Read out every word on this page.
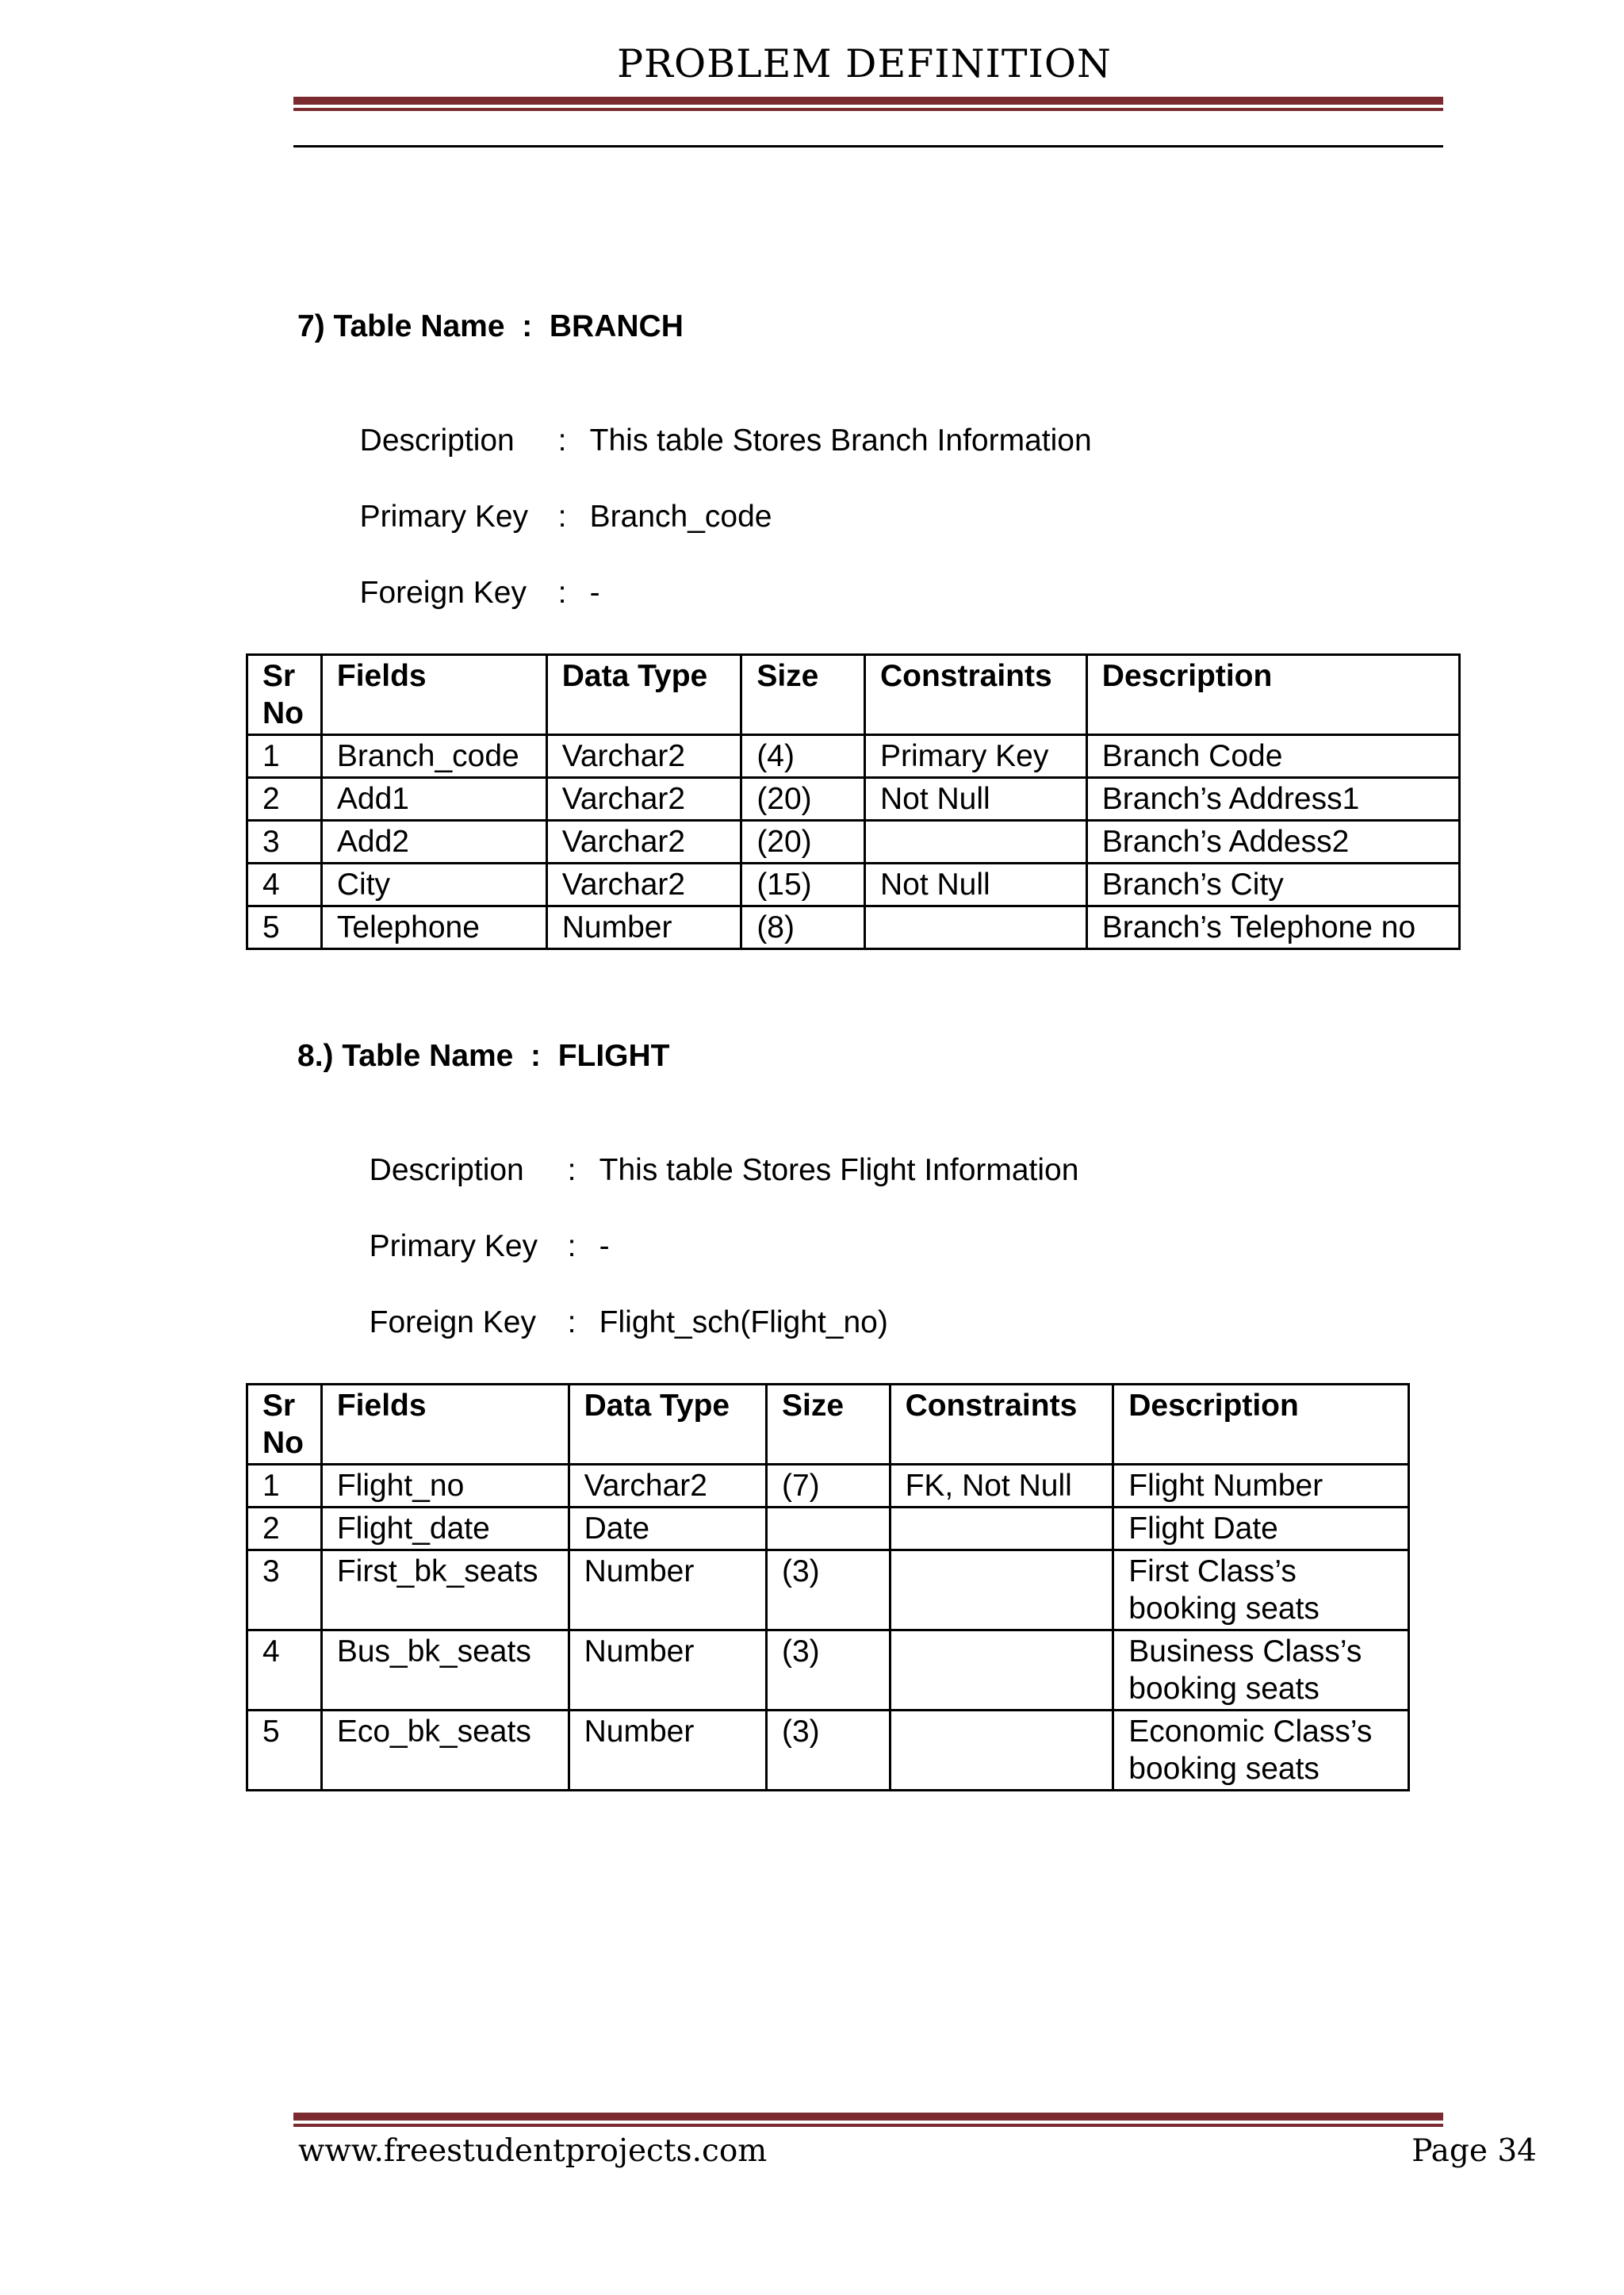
PROBLEM DEFINITION
7) Table Name  :  BRANCH

Description : This table Stores Branch Information

Primary Key : Branch_code

Foreign Key : -

Sr No	Fields	Data Type	Size	Constraints	Description
1	Branch_code	Varchar2	(4)	Primary Key	Branch Code
2	Add1	Varchar2	(20)	Not Null	Branch’s Address1
3	Add2	Varchar2	(20)		Branch’s Addess2
4	City	Varchar2	(15)	Not Null	Branch’s City
5	Telephone	Number	(8)		Branch’s Telephone no
8.) Table Name  :  FLIGHT

Description : This table Stores Flight Information

Primary Key : -

Foreign Key : Flight_sch(Flight_no)

Sr No	Fields	Data Type	Size	Constraints	Description
1	Flight_no	Varchar2	(7)	FK, Not Null	Flight Number
2	Flight_date	Date			Flight Date
3	First_bk_seats	Number	(3)		First Class’s booking seats
4	Bus_bk_seats	Number	(3)		Business Class’s booking seats
5	Eco_bk_seats	Number	(3)		Economic Class’s booking seats
www.freestudentprojects.com	Page 34
